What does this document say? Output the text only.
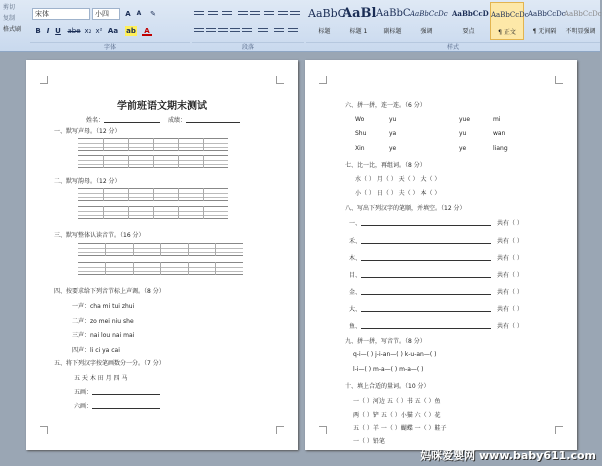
剪切
复制
格式刷
宋体	小四	A A	✎
B I U abe x₂ x² Aa ab	A
字体	段落	样式
AaBbC
标题
AaBl
标题 1
AaBbC
副标题
AaBbCcDc
强调
AaBbCcD
要点
AaBbCcDc
¶ 正文
AaBbCcDc
¶ 无间隔
AaBbCcDc
不明显强调
学前班语文期末测试
姓名：	成绩：
一、默写声母。（12 分）
二、默写韵母。（12 分）
三、默写整体认读音节。（16 分）
四、按要求给下列音节标上声调。（8 分）
一声：cha mi tui zhui
二声：zo mei niu she
三声：nai lou nai mai
四声：li ci ya cai
五、将下列汉字按笔画数分一分。（7 分）
五 天 木 田 月 四 马
五画：
六画：
六、拼一拼，连一连。（6 分）
Wo	yu	yue	mi
Shu	ya	yu	wan
Xin	ye	ye	liang
七、比一比，再组词。（8 分）
水（ ） 月（ ） 天（ ） 大（ ）
小（ ） 日（ ） 夫（ ） 本（ ）
八、写出下列汉字的笔顺，并填空。（12 分）
一、	共有（ ）
禾、	共有（ ）
木、	共有（ ）
目、	共有（ ）
金、	共有（ ）
大、	共有（ ）
鱼、	共有（ ）
九、拼一拼，写音节。（8 分）
q-i—( ) j-i-an—( ) k-u-an—( )
l-i—( ) m-a—( ) m-a—( )
十、填上合适的量词。（10 分）
一（ ）河边 五（ ）书 五（ ）鱼
两（ ）铲 五（ ）小猫 六（ ）花
五（ ）羊 一（ ）蝴蝶 一（ ）鞋子
一（ ）铅笔
妈咪爱婴网 www.baby611.com
